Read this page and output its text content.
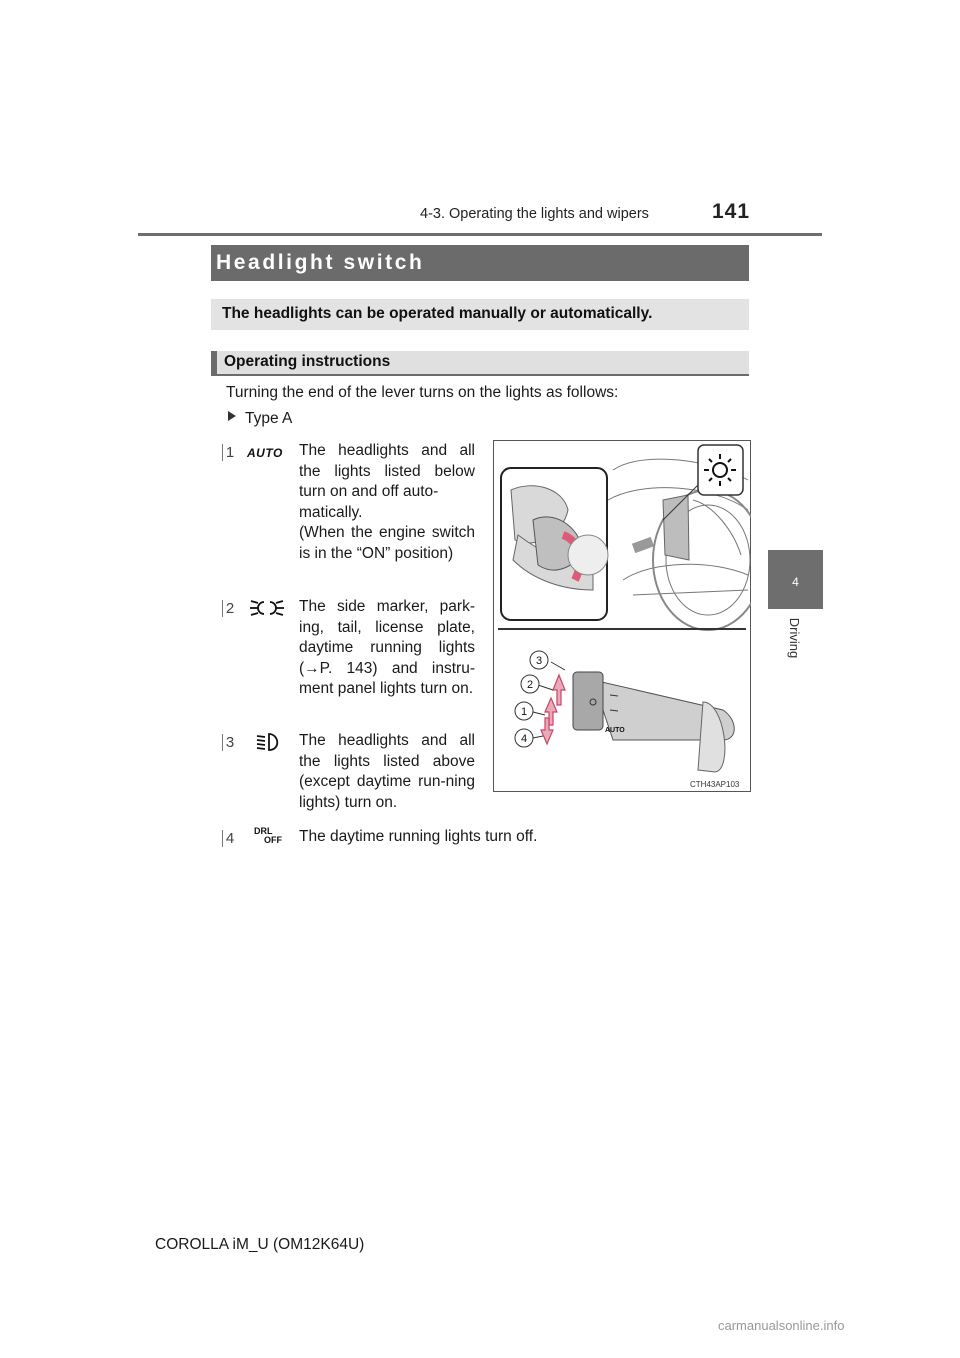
4-3. Operating the lights and wipers	141
4
Driving
Headlight switch
The headlights can be operated manually or automatically.
Operating instructions
Turning the end of the lever turns on the lights as follows:
Type A
1 AUTO The headlights and all the lights listed below turn on and off auto-
matically.
(When the engine switch is in the “ON” position)
2	The side marker, park-ing, tail, license plate, daytime running lights (→P. 143) and instru-ment panel lights turn on.
3	The headlights and all the lights listed above (except daytime run-ning lights) turn on.
4	DRL
OFF The daytime running lights turn off.
AUTO
3
2
1
4
CTH43AP103
COROLLA iM_U (OM12K64U)
carmanualsonline.info
